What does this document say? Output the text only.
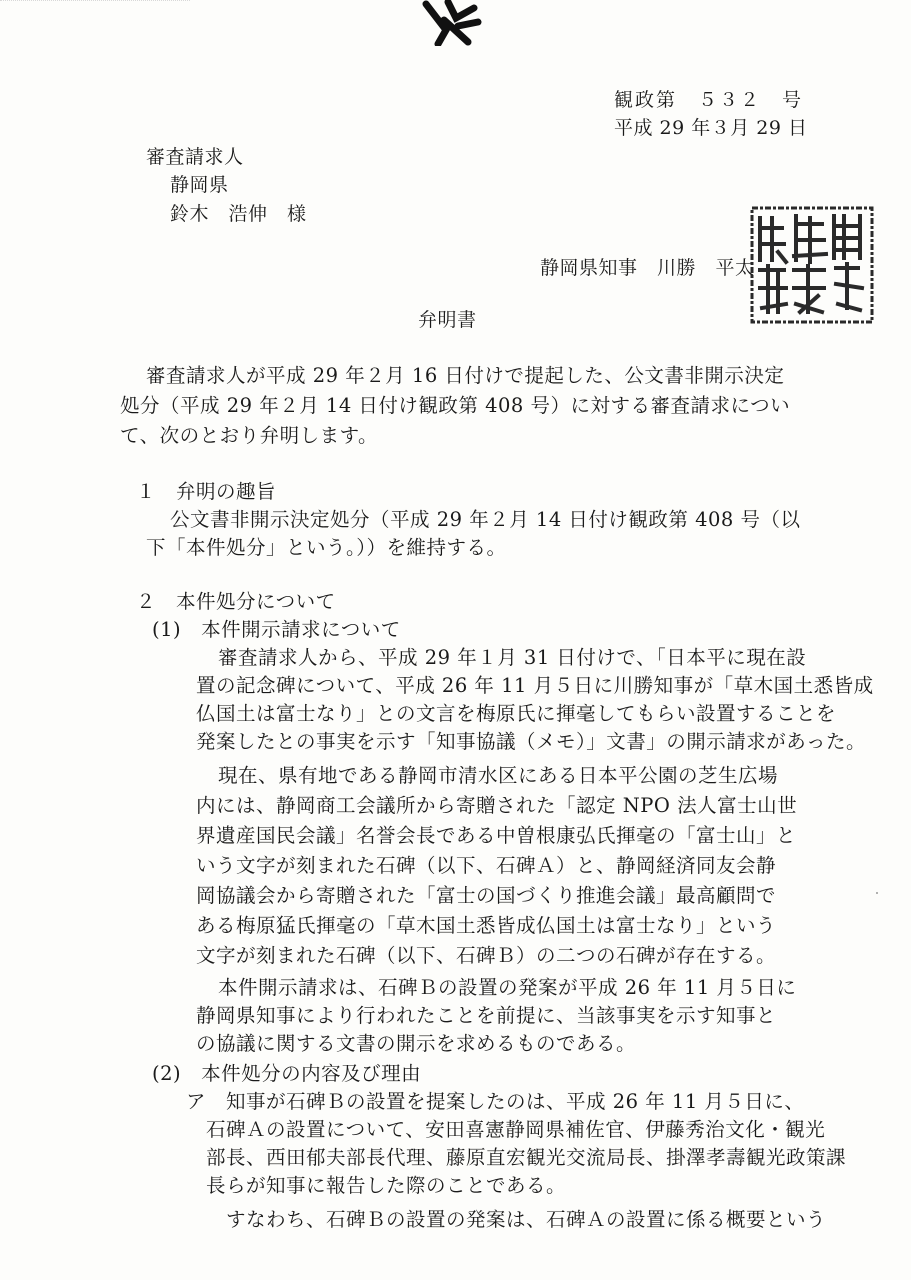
観政第　５３２　号
平成 29 年３月 29 日
審査請求人
静岡県
鈴木　浩伸　様
静岡県知事　川勝　平太
弁明書
審査請求人が平成 29 年２月 16 日付けで提起した、公文書非開示決定
処分（平成 29 年２月 14 日付け観政第 408 号）に対する審査請求につい
て、次のとおり弁明します。
１　弁明の趣旨
公文書非開示決定処分（平成 29 年２月 14 日付け観政第 408 号（以
下「本件処分」という。））を維持する。
２　本件処分について
(1)　本件開示請求について
審査請求人から、平成 29 年１月 31 日付けで、「日本平に現在設
置の記念碑について、平成 26 年 11 月５日に川勝知事が「草木国土悉皆成
仏国土は富士なり」との文言を梅原氏に揮毫してもらい設置することを
発案したとの事実を示す「知事協議（メモ）」文書」の開示請求があった。
現在、県有地である静岡市清水区にある日本平公園の芝生広場
内には、静岡商工会議所から寄贈された「認定 NPO 法人富士山世
界遺産国民会議」名誉会長である中曽根康弘氏揮毫の「富士山」と
いう文字が刻まれた石碑（以下、石碑Ａ）と、静岡経済同友会静
岡協議会から寄贈された「富士の国づくり推進会議」最高顧問で
ある梅原猛氏揮毫の「草木国土悉皆成仏国土は富士なり」という
文字が刻まれた石碑（以下、石碑Ｂ）の二つの石碑が存在する。
本件開示請求は、石碑Ｂの設置の発案が平成 26 年 11 月５日に
静岡県知事により行われたことを前提に、当該事実を示す知事と
の協議に関する文書の開示を求めるものである。
(2)　本件処分の内容及び理由
ア　知事が石碑Ｂの設置を提案したのは、平成 26 年 11 月５日に、
石碑Ａの設置について、安田喜憲静岡県補佐官、伊藤秀治文化・観光
部長、西田郁夫部長代理、藤原直宏観光交流局長、掛澤孝壽観光政策課
長らが知事に報告した際のことである。
すなわち、石碑Ｂの設置の発案は、石碑Ａの設置に係る概要という
